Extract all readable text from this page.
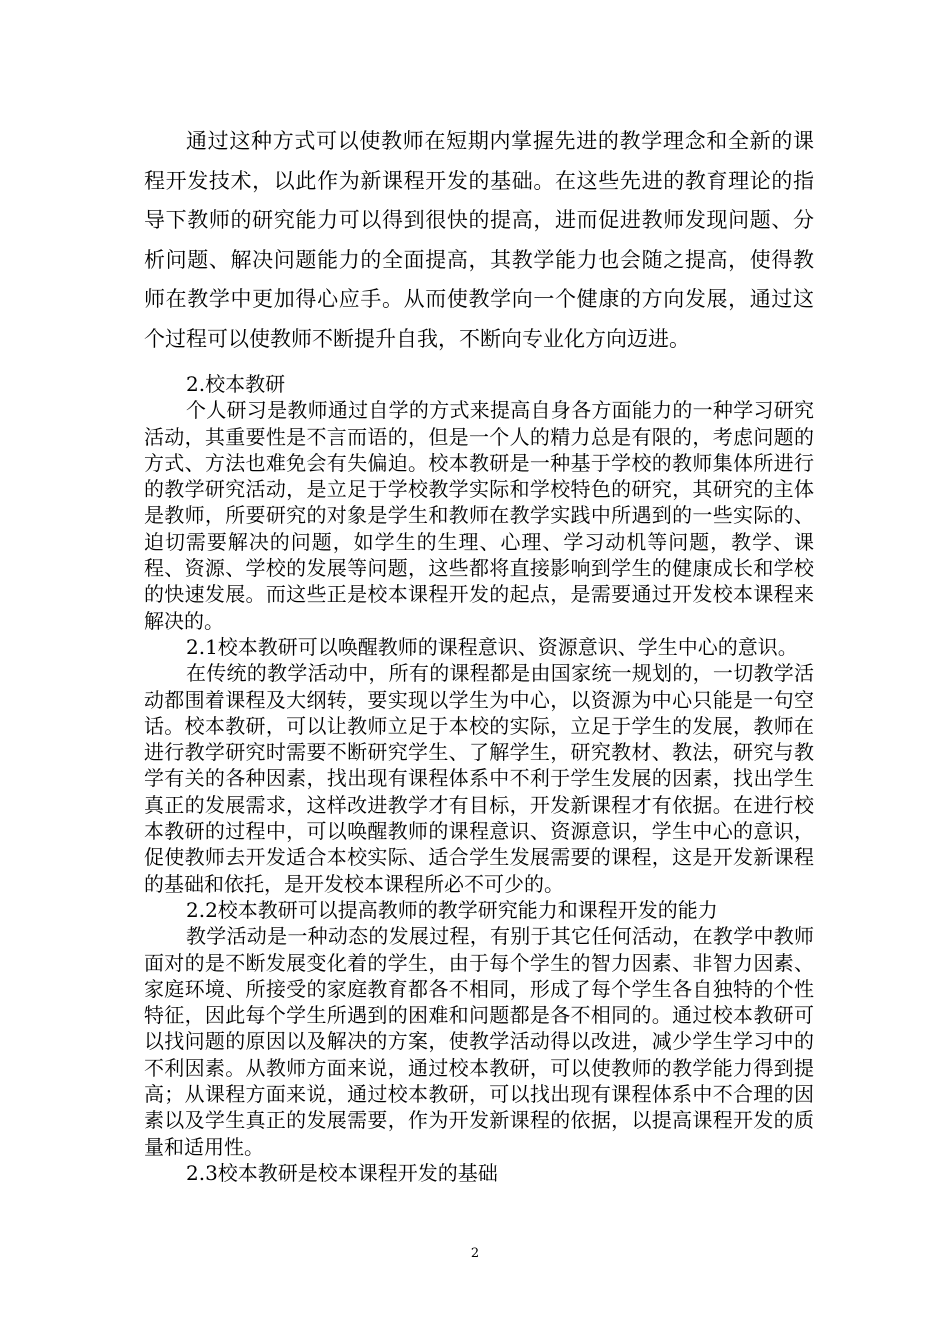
通过这种方式可以使教师在短期内掌握先进的教学理念和全新的课程开发技术，以此作为新课程开发的基础。在这些先进的教育理论的指导下教师的研究能力可以得到很快的提高，进而促进教师发现问题、分析问题、解决问题能力的全面提高，其教学能力也会随之提高，使得教师在教学中更加得心应手。从而使教学向一个健康的方向发展，通过这个过程可以使教师不断提升自我，不断向专业化方向迈进。

2.校本教研

个人研习是教师通过自学的方式来提高自身各方面能力的一种学习研究活动，其重要性是不言而语的，但是一个人的精力总是有限的，考虑问题的方式、方法也难免会有失偏迫。校本教研是一种基于学校的教师集体所进行的教学研究活动，是立足于学校教学实际和学校特色的研究，其研究的主体是教师，所要研究的对象是学生和教师在教学实践中所遇到的一些实际的、迫切需要解决的问题，如学生的生理、心理、学习动机等问题，教学、课程、资源、学校的发展等问题，这些都将直接影响到学生的健康成长和学校的快速发展。而这些正是校本课程开发的起点，是需要通过开发校本课程来解决的。

2.1校本教研可以唤醒教师的课程意识、资源意识、学生中心的意识。

在传统的教学活动中，所有的课程都是由国家统一规划的，一切教学活动都围着课程及大纲转，要实现以学生为中心，以资源为中心只能是一句空话。校本教研，可以让教师立足于本校的实际，立足于学生的发展，教师在进行教学研究时需要不断研究学生、了解学生，研究教材、教法，研究与教学有关的各种因素，找出现有课程体系中不利于学生发展的因素，找出学生真正的发展需求，这样改进教学才有目标，开发新课程才有依据。在进行校本教研的过程中，可以唤醒教师的课程意识、资源意识，学生中心的意识，促使教师去开发适合本校实际、适合学生发展需要的课程，这是开发新课程的基础和依托，是开发校本课程所必不可少的。

2.2校本教研可以提高教师的教学研究能力和课程开发的能力

教学活动是一种动态的发展过程，有别于其它任何活动，在教学中教师面对的是不断发展变化着的学生，由于每个学生的智力因素、非智力因素、家庭环境、所接受的家庭教育都各不相同，形成了每个学生各自独特的个性特征，因此每个学生所遇到的困难和问题都是各不相同的。通过校本教研可以找问题的原因以及解决的方案，使教学活动得以改进，减少学生学习中的不利因素。从教师方面来说，通过校本教研，可以使教师的教学能力得到提高；从课程方面来说，通过校本教研，可以找出现有课程体系中不合理的因素以及学生真正的发展需要，作为开发新课程的依据，以提高课程开发的质量和适用性。

2.3校本教研是校本课程开发的基础

2
